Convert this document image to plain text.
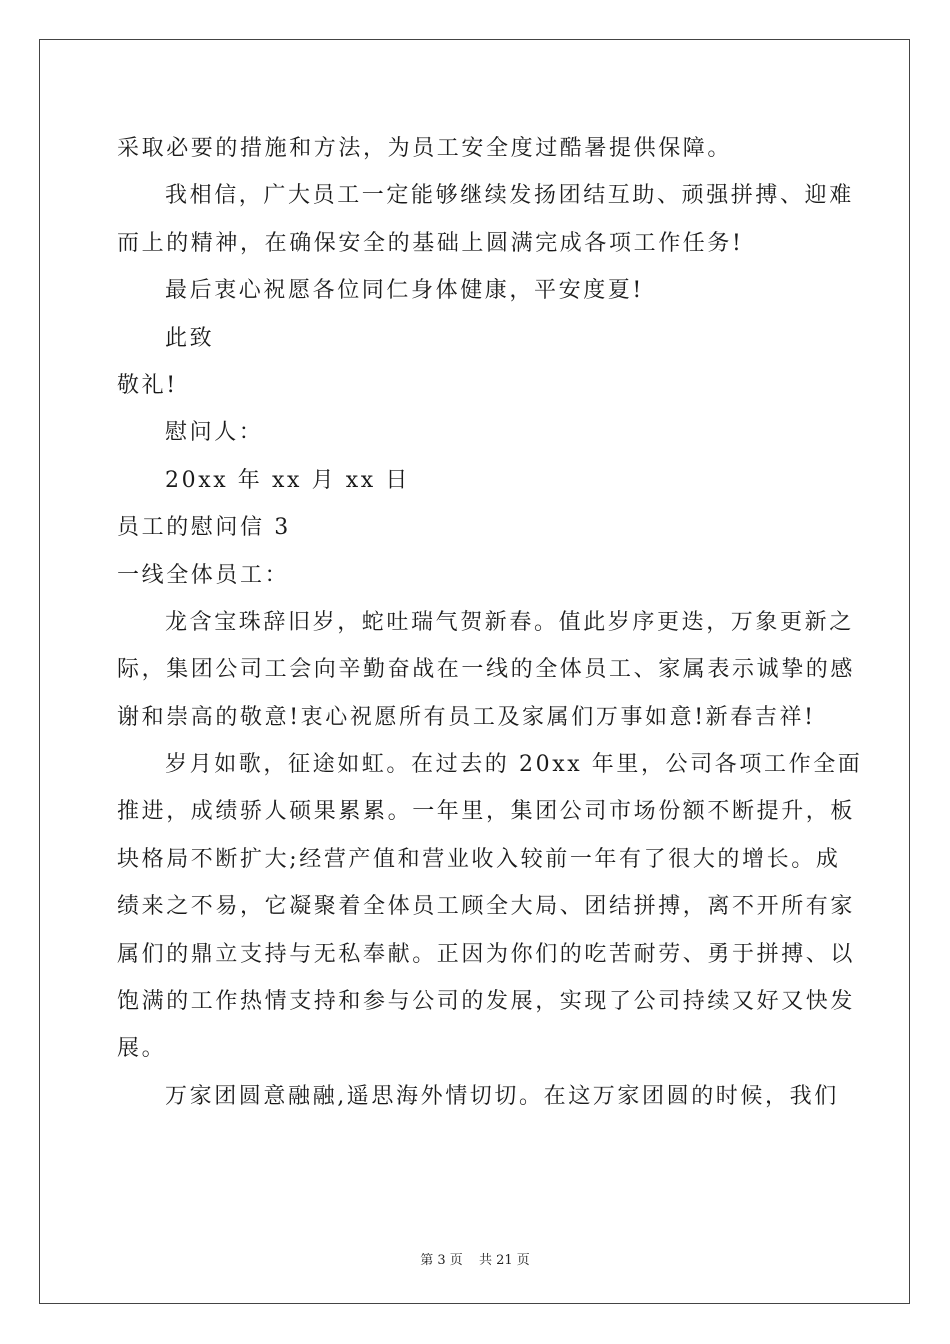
采取必要的措施和方法，为员工安全度过酷暑提供保障。
我相信，广大员工一定能够继续发扬团结互助、顽强拼搏、迎难
而上的精神，在确保安全的基础上圆满完成各项工作任务!
最后衷心祝愿各位同仁身体健康，平安度夏!
此致
敬礼!
慰问人：
20xx 年 xx 月 xx 日
员工的慰问信 3
一线全体员工：
龙含宝珠辞旧岁，蛇吐瑞气贺新春。值此岁序更迭，万象更新之
际，集团公司工会向辛勤奋战在一线的全体员工、家属表示诚挚的感
谢和崇高的敬意!衷心祝愿所有员工及家属们万事如意!新春吉祥!
岁月如歌，征途如虹。在过去的 20xx 年里，公司各项工作全面
推进，成绩骄人硕果累累。一年里，集团公司市场份额不断提升，板
块格局不断扩大;经营产值和营业收入较前一年有了很大的增长。成
绩来之不易，它凝聚着全体员工顾全大局、团结拼搏，离不开所有家
属们的鼎立支持与无私奉献。正因为你们的吃苦耐劳、勇于拼搏、以
饱满的工作热情支持和参与公司的发展，实现了公司持续又好又快发
展。
万家团圆意融融,遥思海外情切切。在这万家团圆的时候，我们
第 3 页 共 21 页
